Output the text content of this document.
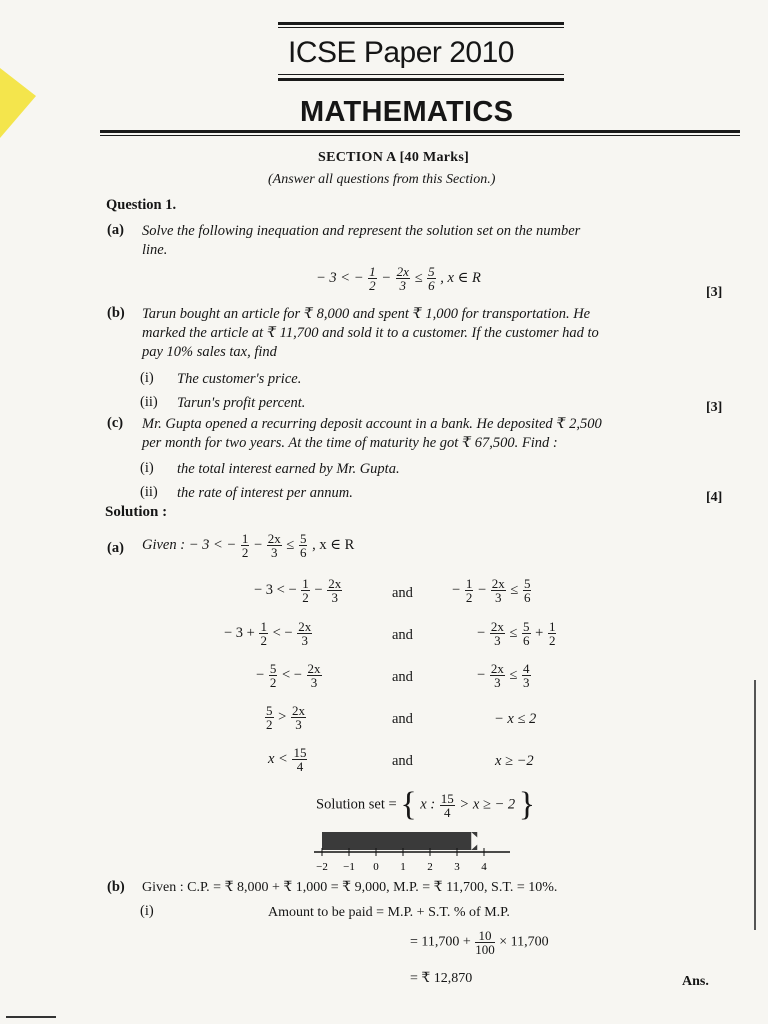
ICSE Paper 2010
MATHEMATICS
SECTION A [40 Marks]
(Answer all questions from this Section.)
Question 1.
(a) Solve the following inequation and represent the solution set on the number
line.
− 3 < − $\frac{1}{2} - \frac{2x}{3} \le \frac{5}{6}$ , x ∈ R
[3]
(b) Tarun bought an article for ₹ 8,000 and spent ₹ 1,000 for transportation. He
marked the article at ₹ 11,700 and sold it to a customer. If the customer had to
pay 10% sales tax, find
(i) The customer's price.
(ii) Tarun's profit percent.	[3]
(c) Mr. Gupta opened a recurring deposit account in a bank. He deposited ₹ 2,500
per month for two years. At the time of maturity he got ₹ 67,500. Find :
(i) the total interest earned by Mr. Gupta.
(ii) the rate of interest per annum.	[4]
Solution :
(a) Given : − 3 < − $\frac{1}{2} - \frac{2x}{3} \le \frac{5}{6}$ , x ∈ R
− 3 < − $\frac{1}{2} - \frac{2x}{3}$	and	− $\frac{1}{2} - \frac{2x}{3} \le \frac{5}{6}$
− $3 + \frac{1}{2}$ < − $\frac{2x}{3}$	and	− $\frac{2x}{3} \le \frac{5}{6} + \frac{1}{2}$
− $\frac{5}{2}$ < − $\frac{2x}{3}$	and	− $\frac{2x}{3} \le \frac{4}{3}$
$\frac{5}{2} > \frac{2x}{3}$	and	− x ≤ 2
$x < \frac{15}{4}$	and	x ≥ −2
Solution set = { x : $\frac{15}{4} > x$ ≥ − 2 }
−2 −1 0 1 2 3 4
(b) Given : C.P. = ₹ 8,000 + ₹ 1,000 = ₹ 9,000, M.P. = ₹ 11,700, S.T. = 10%.
(i)	Amount to be paid = M.P. + S.T. % of M.P.
= $11,700 + \frac{10}{100} \times 11,700$
= ₹ 12,870	Ans.
